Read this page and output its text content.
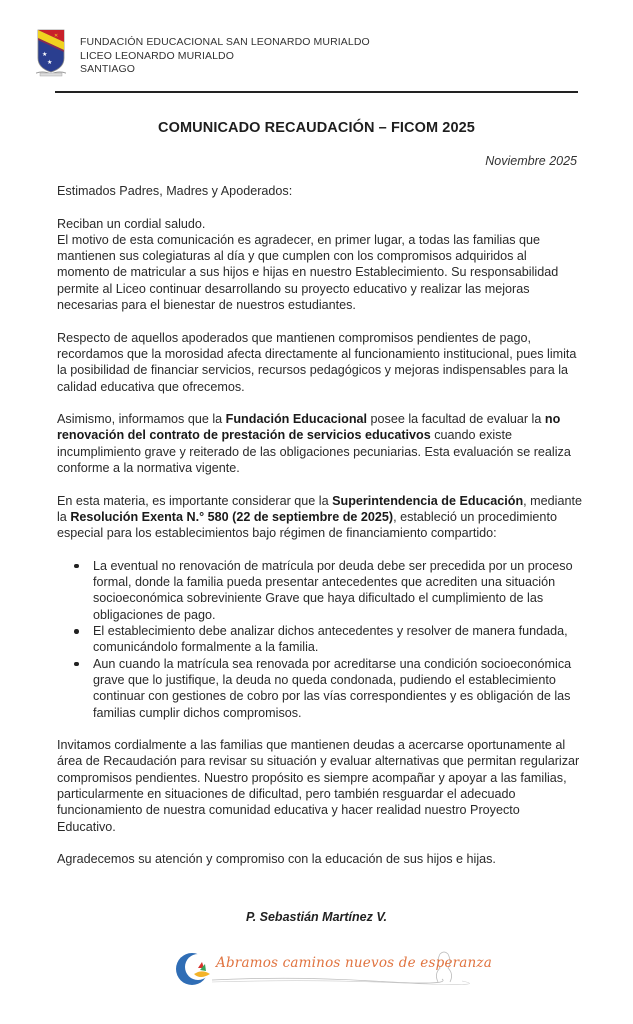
✕
✕
★
★
FUNDACIÓN EDUCACIONAL SAN LEONARDO MURIALDO
LICEO LEONARDO MURIALDO
SANTIAGO
COMUNICADO RECAUDACIÓN – FICOM 2025
Noviembre 2025

Estimados Padres, Madres y Apoderados:

Reciban un cordial saludo.

El motivo de esta comunicación es agradecer, en primer lugar, a todas las familias que mantienen sus colegiaturas al día y que cumplen con los compromisos adquiridos al momento de matricular a sus hijos e hijas en nuestro Establecimiento. Su responsabilidad permite al Liceo continuar desarrollando su proyecto educativo y realizar las mejoras necesarias para el bienestar de nuestros estudiantes.

Respecto de aquellos apoderados que mantienen compromisos pendientes de pago, recordamos que la morosidad afecta directamente al funcionamiento institucional, pues limita la posibilidad de financiar servicios, recursos pedagógicos y mejoras indispensables para la calidad educativa que ofrecemos.

Asimismo, informamos que la Fundación Educacional posee la facultad de evaluar la no renovación del contrato de prestación de servicios educativos cuando existe incumplimiento grave y reiterado de las obligaciones pecuniarias. Esta evaluación se realiza conforme a la normativa vigente.

En esta materia, es importante considerar que la Superintendencia de Educación, mediante la Resolución Exenta N.° 580 (22 de septiembre de 2025), estableció un procedimiento especial para los establecimientos bajo régimen de financiamiento compartido:

La eventual no renovación de matrícula por deuda debe ser precedida por un proceso formal, donde la familia pueda presentar antecedentes que acrediten una situación socioeconómica sobreviniente Grave que haya dificultado el cumplimiento de las obligaciones de pago.
El establecimiento debe analizar dichos antecedentes y resolver de manera fundada, comunicándolo formalmente a la familia.
Aun cuando la matrícula sea renovada por acreditarse una condición socioeconómica grave que lo justifique, la deuda no queda condonada, pudiendo el establecimiento continuar con gestiones de cobro por las vías correspondientes y es obligación de las familias cumplir dichos compromisos.

Invitamos cordialmente a las familias que mantienen deudas a acercarse oportunamente al área de Recaudación para revisar su situación y evaluar alternativas que permitan regularizar compromisos pendientes. Nuestro propósito es siempre acompañar y apoyar a las familias, particularmente en situaciones de dificultad, pero también resguardar el adecuado funcionamiento de nuestra comunidad educativa y hacer realidad nuestro Proyecto Educativo.

Agradecemos su atención y compromiso con la educación de sus hijos e hijas.

P. Sebastián Martínez V.
Abramos caminos nuevos de esperanza
